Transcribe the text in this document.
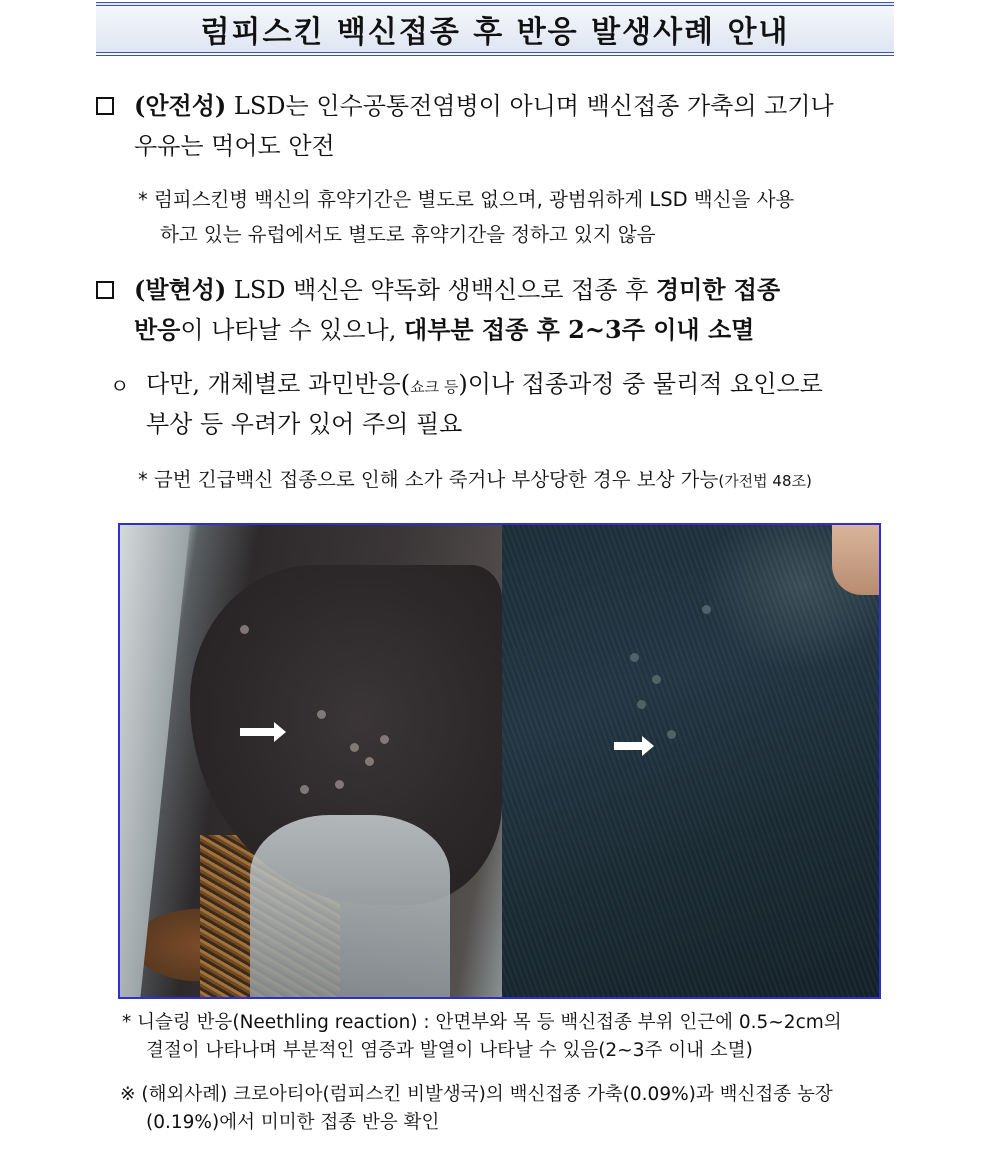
럼피스킨 백신접종 후 반응 발생사례 안내
(안전성) LSD는 인수공통전염병이 아니며 백신접종 가축의 고기나
우유는 먹어도 안전
* 럼피스킨병 백신의 휴약기간은 별도로 없으며, 광범위하게 LSD 백신을 사용
하고 있는 유럽에서도 별도로 휴약기간을 정하고 있지 않음
(발현성) LSD 백신은 약독화 생백신으로 접종 후 경미한 접종
반응이 나타날 수 있으나, 대부분 접종 후 2~3주 이내 소멸
ㅇ 다만, 개체별로 과민반응(쇼크 등)이나 접종과정 중 물리적 요인으로
부상 등 우려가 있어 주의 필요
* 금번 긴급백신 접종으로 인해 소가 죽거나 부상당한 경우 보상 가능(가전법 48조)
* 니슬링 반응(Neethling reaction) : 안면부와 목 등 백신접종 부위 인근에 0.5~2cm의
결절이 나타나며 부분적인 염증과 발열이 나타날 수 있음(2~3주 이내 소멸)
※ (해외사례) 크로아티아(럼피스킨 비발생국)의 백신접종 가축(0.09%)과 백신접종 농장
(0.19%)에서 미미한 접종 반응 확인
